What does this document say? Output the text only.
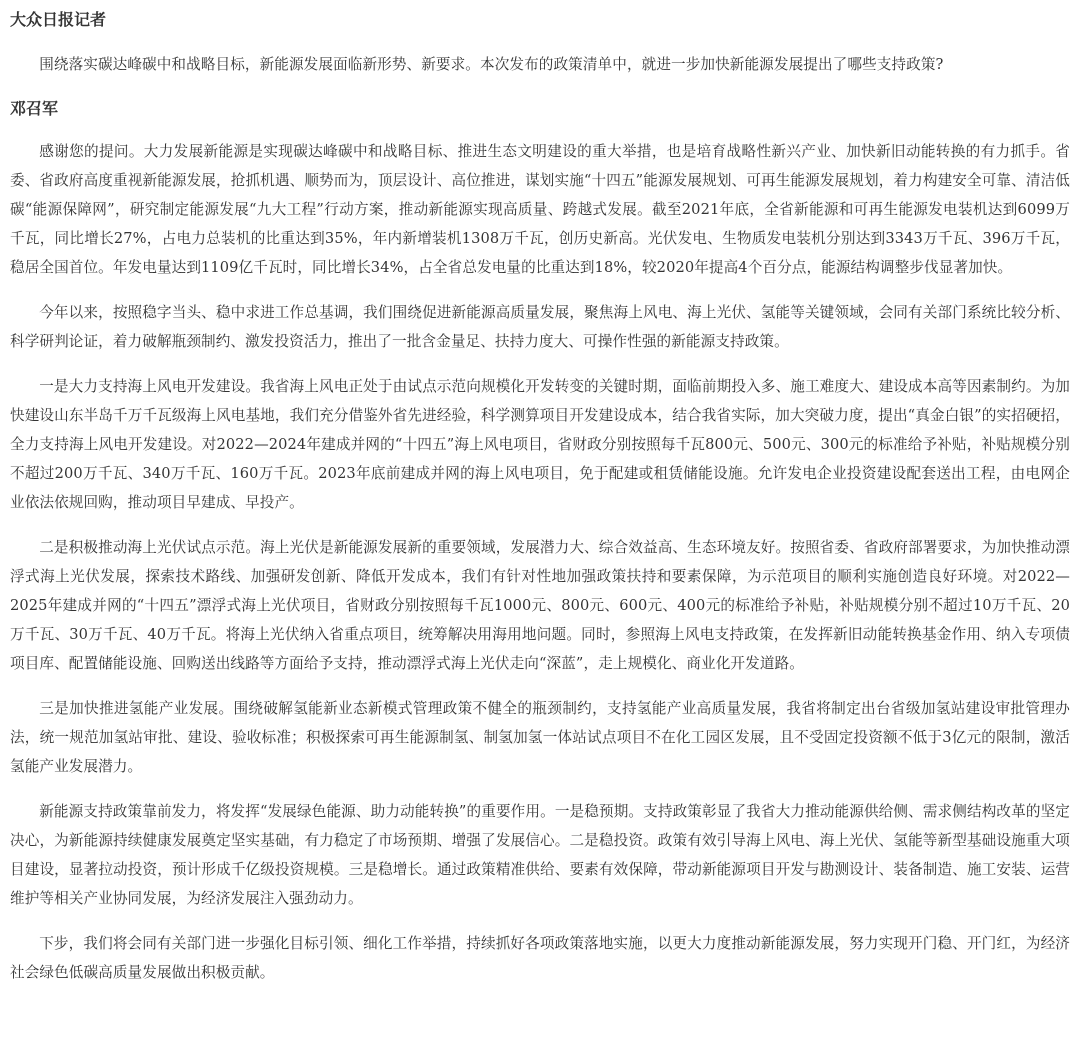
大众日报记者

围绕落实碳达峰碳中和战略目标，新能源发展面临新形势、新要求。本次发布的政策清单中，就进一步加快新能源发展提出了哪些支持政策?

邓召军

感谢您的提问。大力发展新能源是实现碳达峰碳中和战略目标、推进生态文明建设的重大举措，也是培育战略性新兴产业、加快新旧动能转换的有力抓手。省委、省政府高度重视新能源发展，抢抓机遇、顺势而为，顶层设计、高位推进，谋划实施“十四五”能源发展规划、可再生能源发展规划，着力构建安全可靠、清洁低碳“能源保障网”，研究制定能源发展“九大工程”行动方案，推动新能源实现高质量、跨越式发展。截至2021年底，全省新能源和可再生能源发电装机达到6099万千瓦，同比增长27%，占电力总装机的比重达到35%，年内新增装机1308万千瓦，创历史新高。光伏发电、生物质发电装机分别达到3343万千瓦、396万千瓦，稳居全国首位。年发电量达到1109亿千瓦时，同比增长34%，占全省总发电量的比重达到18%，较2020年提高4个百分点，能源结构调整步伐显著加快。

今年以来，按照稳字当头、稳中求进工作总基调，我们围绕促进新能源高质量发展，聚焦海上风电、海上光伏、氢能等关键领域，会同有关部门系统比较分析、科学研判论证，着力破解瓶颈制约、激发投资活力，推出了一批含金量足、扶持力度大、可操作性强的新能源支持政策。

一是大力支持海上风电开发建设。我省海上风电正处于由试点示范向规模化开发转变的关键时期，面临前期投入多、施工难度大、建设成本高等因素制约。为加快建设山东半岛千万千瓦级海上风电基地，我们充分借鉴外省先进经验，科学测算项目开发建设成本，结合我省实际，加大突破力度，提出“真金白银”的实招硬招，全力支持海上风电开发建设。对2022—2024年建成并网的“十四五”海上风电项目，省财政分别按照每千瓦800元、500元、300元的标准给予补贴，补贴规模分别不超过200万千瓦、340万千瓦、160万千瓦。2023年底前建成并网的海上风电项目，免于配建或租赁储能设施。允许发电企业投资建设配套送出工程，由电网企业依法依规回购，推动项目早建成、早投产。

二是积极推动海上光伏试点示范。海上光伏是新能源发展新的重要领域，发展潜力大、综合效益高、生态环境友好。按照省委、省政府部署要求，为加快推动漂浮式海上光伏发展，探索技术路线、加强研发创新、降低开发成本，我们有针对性地加强政策扶持和要素保障，为示范项目的顺利实施创造良好环境。对2022—2025年建成并网的“十四五”漂浮式海上光伏项目，省财政分别按照每千瓦1000元、800元、600元、400元的标准给予补贴，补贴规模分别不超过10万千瓦、20万千瓦、30万千瓦、40万千瓦。将海上光伏纳入省重点项目，统筹解决用海用地问题。同时，参照海上风电支持政策，在发挥新旧动能转换基金作用、纳入专项债项目库、配置储能设施、回购送出线路等方面给予支持，推动漂浮式海上光伏走向“深蓝”，走上规模化、商业化开发道路。

三是加快推进氢能产业发展。围绕破解氢能新业态新模式管理政策不健全的瓶颈制约，支持氢能产业高质量发展，我省将制定出台省级加氢站建设审批管理办法，统一规范加氢站审批、建设、验收标准；积极探索可再生能源制氢、制氢加氢一体站试点项目不在化工园区发展，且不受固定投资额不低于3亿元的限制，激活氢能产业发展潜力。

新能源支持政策靠前发力，将发挥“发展绿色能源、助力动能转换”的重要作用。一是稳预期。支持政策彰显了我省大力推动能源供给侧、需求侧结构改革的坚定决心，为新能源持续健康发展奠定坚实基础，有力稳定了市场预期、增强了发展信心。二是稳投资。政策有效引导海上风电、海上光伏、氢能等新型基础设施重大项目建设，显著拉动投资，预计形成千亿级投资规模。三是稳增长。通过政策精准供给、要素有效保障，带动新能源项目开发与勘测设计、装备制造、施工安装、运营维护等相关产业协同发展，为经济发展注入强劲动力。

下步，我们将会同有关部门进一步强化目标引领、细化工作举措，持续抓好各项政策落地实施，以更大力度推动新能源发展，努力实现开门稳、开门红，为经济社会绿色低碳高质量发展做出积极贡献。
